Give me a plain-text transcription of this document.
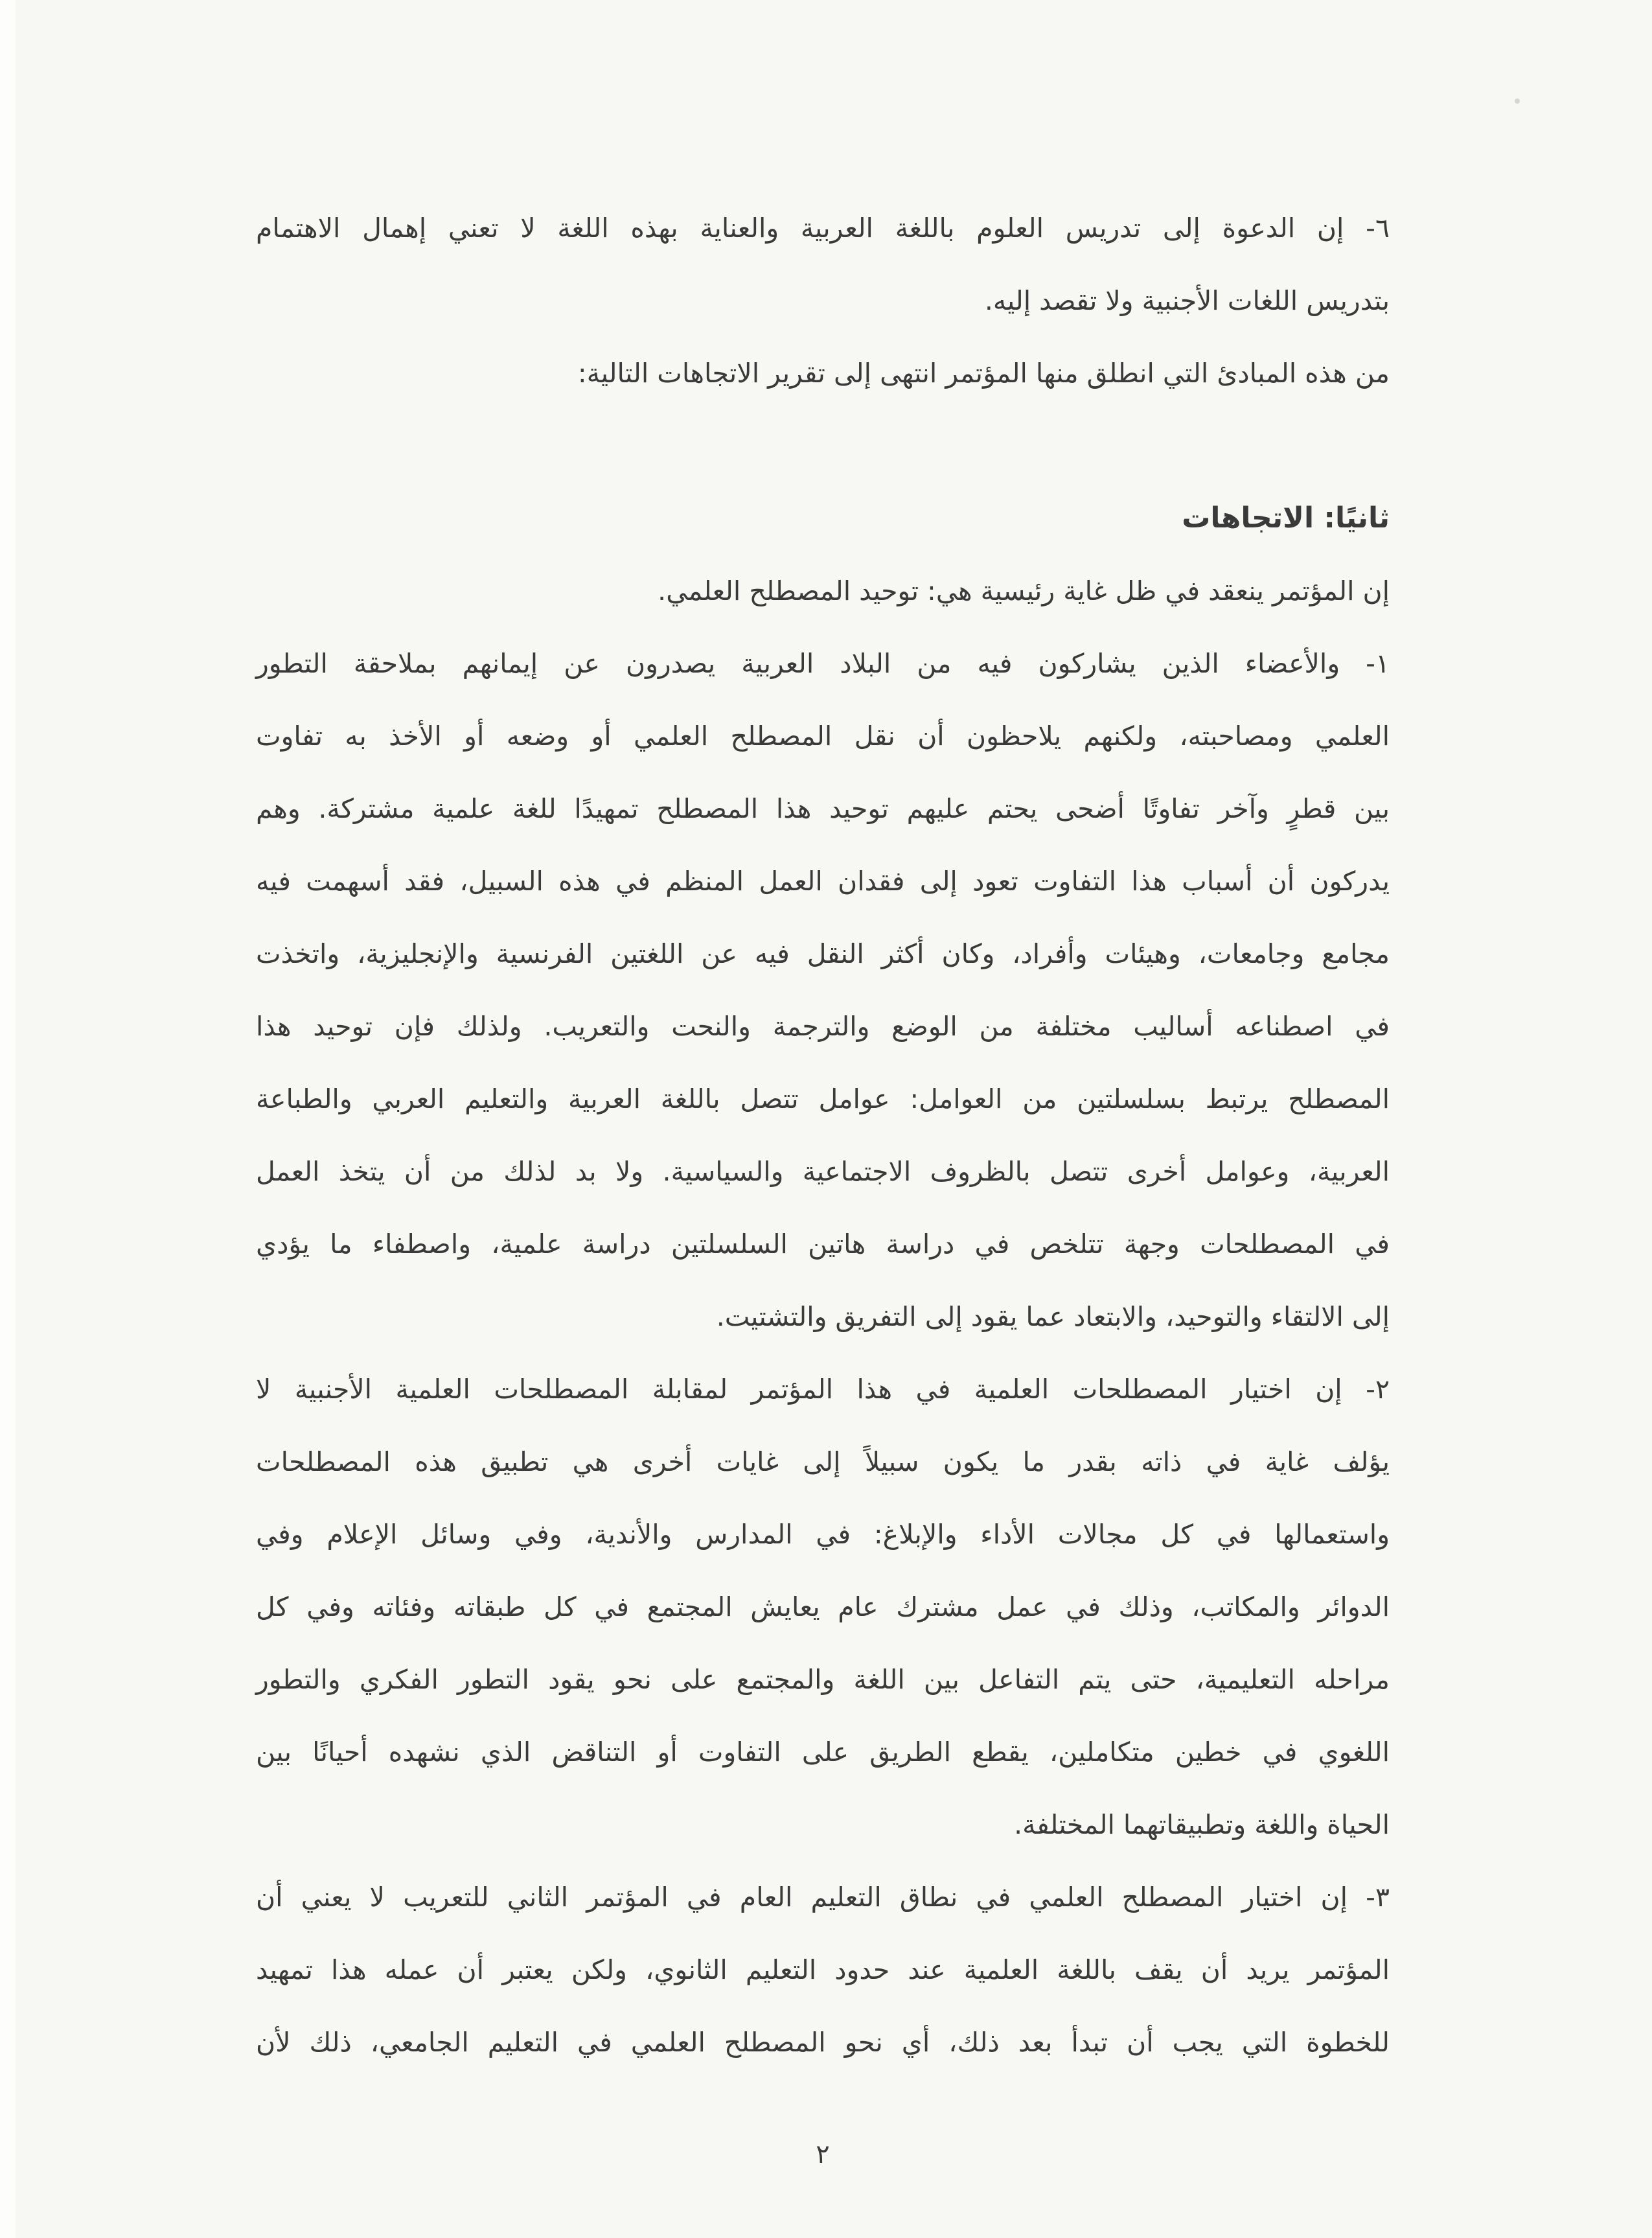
٦- إن الدعوة إلى تدريس العلوم باللغة العربية والعناية بهذه اللغة لا تعني إهمال الاهتمام
بتدريس اللغات الأجنبية ولا تقصد إليه.
من هذه المبادئ التي انطلق منها المؤتمر انتهى إلى تقرير الاتجاهات التالية:
ثانيًا: الاتجاهات
إن المؤتمر ينعقد في ظل غاية رئيسية هي: توحيد المصطلح العلمي.
١- والأعضاء الذين يشاركون فيه من البلاد العربية يصدرون عن إيمانهم بملاحقة التطور
العلمي ومصاحبته، ولكنهم يلاحظون أن نقل المصطلح العلمي أو وضعه أو الأخذ به تفاوت
بين قطرٍ وآخر تفاوتًا أضحى يحتم عليهم توحيد هذا المصطلح تمهيدًا للغة علمية مشتركة. وهم
يدركون أن أسباب هذا التفاوت تعود إلى فقدان العمل المنظم في هذه السبيل، فقد أسهمت فيه
مجامع وجامعات، وهيئات وأفراد، وكان أكثر النقل فيه عن اللغتين الفرنسية والإنجليزية، واتخذت
في اصطناعه أساليب مختلفة من الوضع والترجمة والنحت والتعريب. ولذلك فإن توحيد هذا
المصطلح يرتبط بسلسلتين من العوامل: عوامل تتصل باللغة العربية والتعليم العربي والطباعة
العربية، وعوامل أخرى تتصل بالظروف الاجتماعية والسياسية. ولا بد لذلك من أن يتخذ العمل
في المصطلحات وجهة تتلخص في دراسة هاتين السلسلتين دراسة علمية، واصطفاء ما يؤدي
إلى الالتقاء والتوحيد، والابتعاد عما يقود إلى التفريق والتشتيت.
٢- إن اختيار المصطلحات العلمية في هذا المؤتمر لمقابلة المصطلحات العلمية الأجنبية لا
يؤلف غاية في ذاته بقدر ما يكون سبيلاً إلى غايات أخرى هي تطبيق هذه المصطلحات
واستعمالها في كل مجالات الأداء والإبلاغ: في المدارس والأندية، وفي وسائل الإعلام وفي
الدوائر والمكاتب، وذلك في عمل مشترك عام يعايش المجتمع في كل طبقاته وفئاته وفي كل
مراحله التعليمية، حتى يتم التفاعل بين اللغة والمجتمع على نحو يقود التطور الفكري والتطور
اللغوي في خطين متكاملين، يقطع الطريق على التفاوت أو التناقض الذي نشهده أحيانًا بين
الحياة واللغة وتطبيقاتهما المختلفة.
٣- إن اختيار المصطلح العلمي في نطاق التعليم العام في المؤتمر الثاني للتعريب لا يعني أن
المؤتمر يريد أن يقف باللغة العلمية عند حدود التعليم الثانوي، ولكن يعتبر أن عمله هذا تمهيد
للخطوة التي يجب أن تبدأ بعد ذلك، أي نحو المصطلح العلمي في التعليم الجامعي، ذلك لأن
٢
